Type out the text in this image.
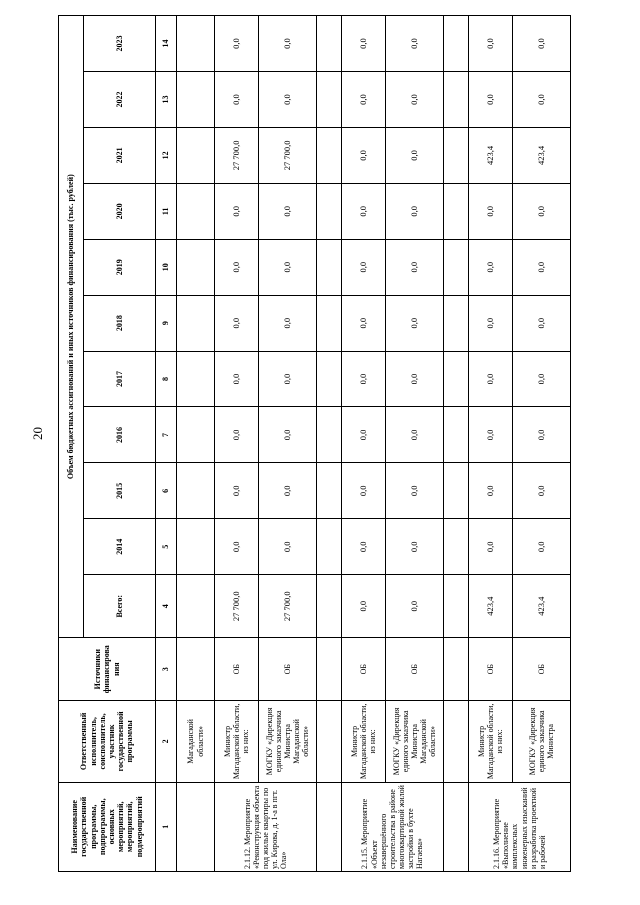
20
Наименование государственной программы, подпрограммы, основных мероприятий, мероприятий, подмероприятий	Ответственный исполнитель, соисполнитель, участник государственной программы	Источники финансирова ния	Объем бюджетных ассигнований и иных источников финансирования (тыс. рублей)										
			Всего:	2014	2015	2016	2017	2018	2019	2020	2021	2022	2023
1	2	3	4	5	6	7	8	9	10	11	12	13	14
	Магаданской области»												
2.1.12. Мероприятие «Реконструкция объекта под жилые квартиры по ул. Кирова, д. 1-а в пгт. Ола»	Министр Магаданской области, из них:	ОБ	27 700,0	0,0	0,0	0,0	0,0	0,0	0,0	0,0	27 700,0	0,0	0,0
	МОГКУ «Дирекция единого заказчика Министра Магаданской области»	ОБ	27 700,0	0,0	0,0	0,0	0,0	0,0	0,0	0,0	27 700,0	0,0	0,0

2.1.15. Мероприятие «Объект незавершённого строительства в районе многоквартирной жилой застройки в бухте Нагаева»	Министр Магаданской области, из них:	ОБ	0,0	0,0	0,0	0,0	0,0	0,0	0,0	0,0	0,0	0,0	0,0
	МОГКУ «Дирекция единого заказчика Министра Магаданской области»	ОБ	0,0	0,0	0,0	0,0	0,0	0,0	0,0	0,0	0,0	0,0	0,0

2.1.16. Мероприятие «Выполнение комплексных инженерных изысканий и разработка проектной и рабочей	Министр Магаданской области, из них:	ОБ	423,4	0,0	0,0	0,0	0,0	0,0	0,0	0,0	423,4	0,0	0,0
	МОГКУ «Дирекция единого заказчика Министра	ОБ	423,4	0,0	0,0	0,0	0,0	0,0	0,0	0,0	423,4	0,0	0,0
